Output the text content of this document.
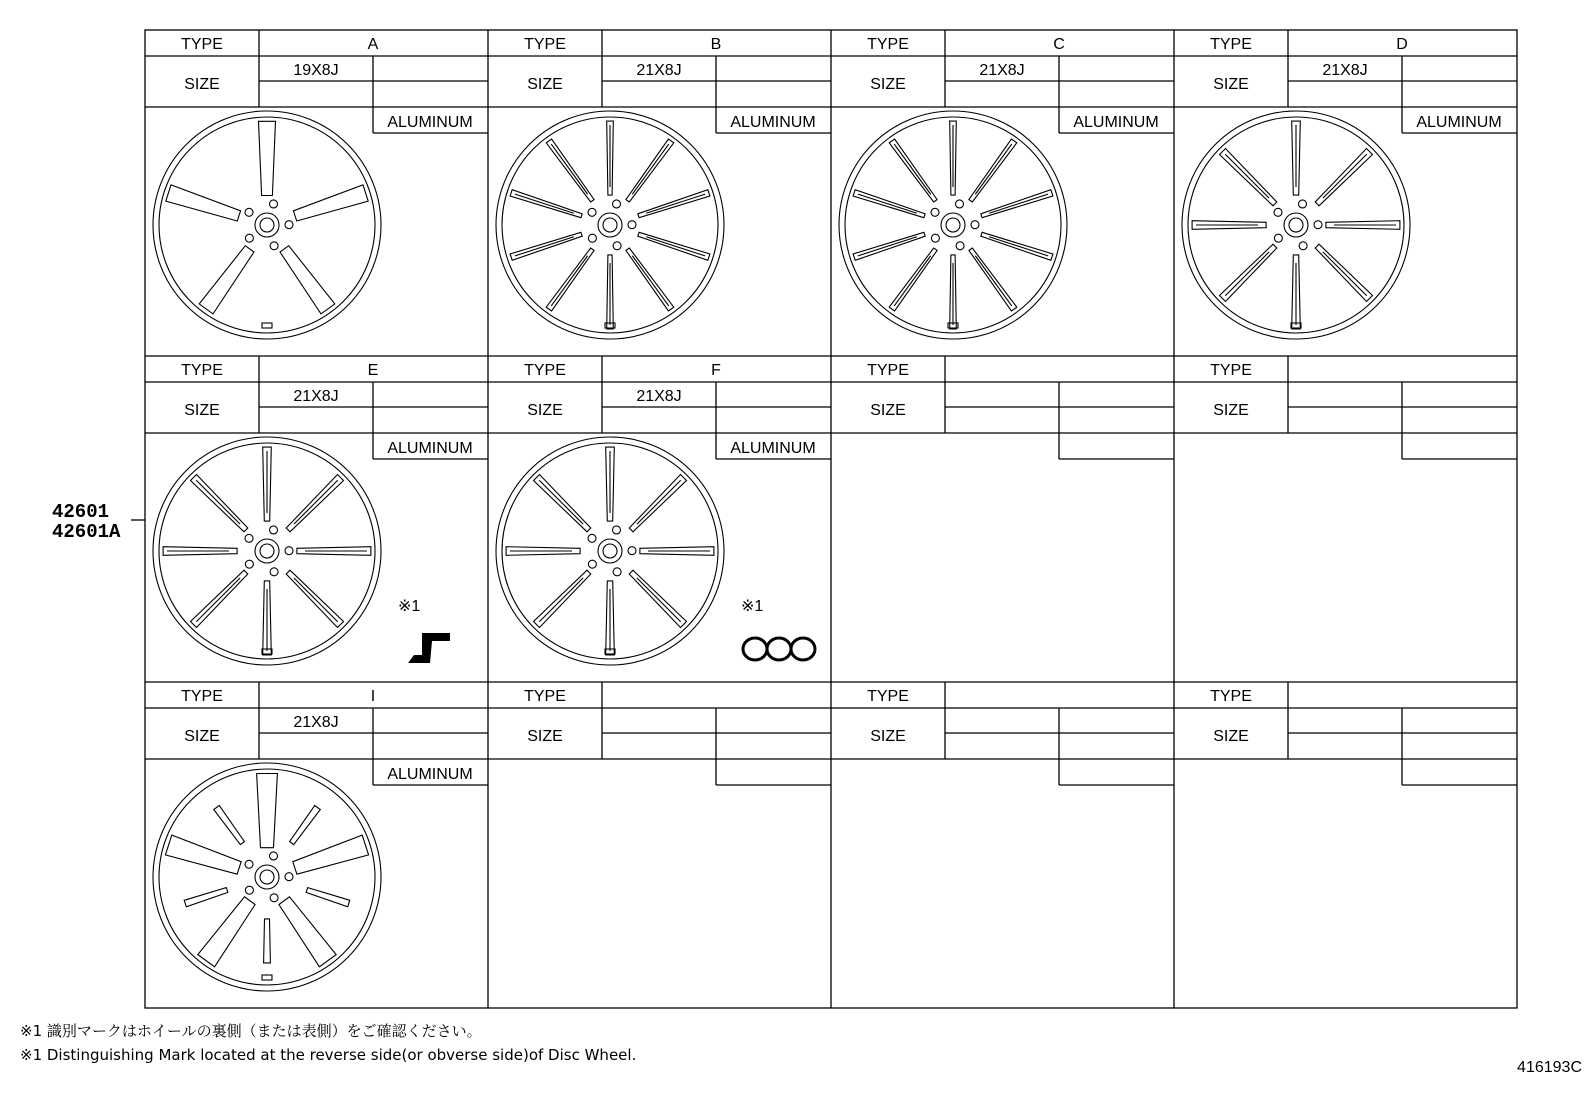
TYPE
SIZE
A
19X8J
ALUMINUM
TYPE
SIZE
B
21X8J
ALUMINUM
TYPE
SIZE
C
21X8J
ALUMINUM
TYPE
SIZE
D
21X8J
ALUMINUM
TYPE
SIZE
E
21X8J
ALUMINUM
※1
TYPE
SIZE
F
21X8J
ALUMINUM
※1
TYPE
SIZE
TYPE
SIZE
TYPE
SIZE
I
21X8J
ALUMINUM
TYPE
SIZE
TYPE
SIZE
TYPE
SIZE
42601
42601A
※1 識別マークはホイールの裏側（または表側）をご確認ください。
※1 Distinguishing Mark located at the reverse side(or obverse side)of Disc Wheel.
416193C
